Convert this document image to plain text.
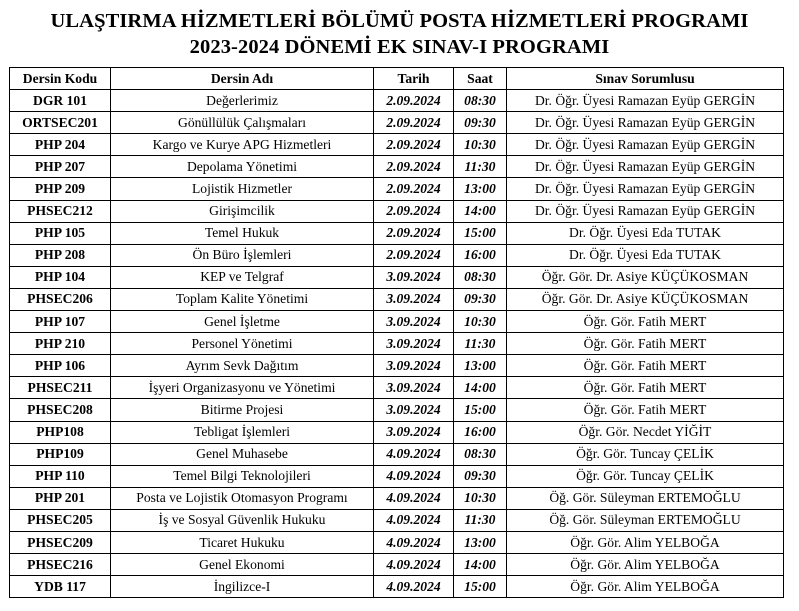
ULAŞTIRMA HİZMETLERİ BÖLÜMÜ POSTA HİZMETLERİ PROGRAMI
2023-2024 DÖNEMİ EK SINAV-I PROGRAMI
Dersin Kodu	Dersin Adı	Tarih	Saat	Sınav Sorumlusu
DGR 101	Değerlerimiz	2.09.2024	08:30	Dr. Öğr. Üyesi Ramazan Eyüp GERGİN
ORTSEC201	Gönüllülük Çalışmaları	2.09.2024	09:30	Dr. Öğr. Üyesi Ramazan Eyüp GERGİN
PHP 204	Kargo ve Kurye APG Hizmetleri	2.09.2024	10:30	Dr. Öğr. Üyesi Ramazan Eyüp GERGİN
PHP 207	Depolama Yönetimi	2.09.2024	11:30	Dr. Öğr. Üyesi Ramazan Eyüp GERGİN
PHP 209	Lojistik Hizmetler	2.09.2024	13:00	Dr. Öğr. Üyesi Ramazan Eyüp GERGİN
PHSEC212	Girişimcilik	2.09.2024	14:00	Dr. Öğr. Üyesi Ramazan Eyüp GERGİN
PHP 105	Temel Hukuk	2.09.2024	15:00	Dr. Öğr. Üyesi Eda TUTAK
PHP 208	Ön Büro İşlemleri	2.09.2024	16:00	Dr. Öğr. Üyesi Eda TUTAK
PHP 104	KEP ve Telgraf	3.09.2024	08:30	Öğr. Gör. Dr. Asiye KÜÇÜKOSMAN
PHSEC206	Toplam Kalite Yönetimi	3.09.2024	09:30	Öğr. Gör. Dr. Asiye KÜÇÜKOSMAN
PHP 107	Genel İşletme	3.09.2024	10:30	Öğr. Gör. Fatih MERT
PHP 210	Personel Yönetimi	3.09.2024	11:30	Öğr. Gör. Fatih MERT
PHP 106	Ayrım Sevk Dağıtım	3.09.2024	13:00	Öğr. Gör. Fatih MERT
PHSEC211	İşyeri Organizasyonu ve Yönetimi	3.09.2024	14:00	Öğr. Gör. Fatih MERT
PHSEC208	Bitirme Projesi	3.09.2024	15:00	Öğr. Gör. Fatih MERT
PHP108	Tebligat İşlemleri	3.09.2024	16:00	Öğr. Gör. Necdet YİĞİT
PHP109	Genel Muhasebe	4.09.2024	08:30	Öğr. Gör. Tuncay ÇELİK
PHP 110	Temel Bilgi Teknolojileri	4.09.2024	09:30	Öğr. Gör. Tuncay ÇELİK
PHP 201	Posta ve Lojistik Otomasyon Programı	4.09.2024	10:30	Öğ. Gör. Süleyman ERTEMOĞLU
PHSEC205	İş ve Sosyal Güvenlik Hukuku	4.09.2024	11:30	Öğ. Gör. Süleyman ERTEMOĞLU
PHSEC209	Ticaret Hukuku	4.09.2024	13:00	Öğr. Gör. Alim YELBOĞA
PHSEC216	Genel Ekonomi	4.09.2024	14:00	Öğr. Gör. Alim YELBOĞA
YDB 117	İngilizce-I	4.09.2024	15:00	Öğr. Gör. Alim YELBOĞA
